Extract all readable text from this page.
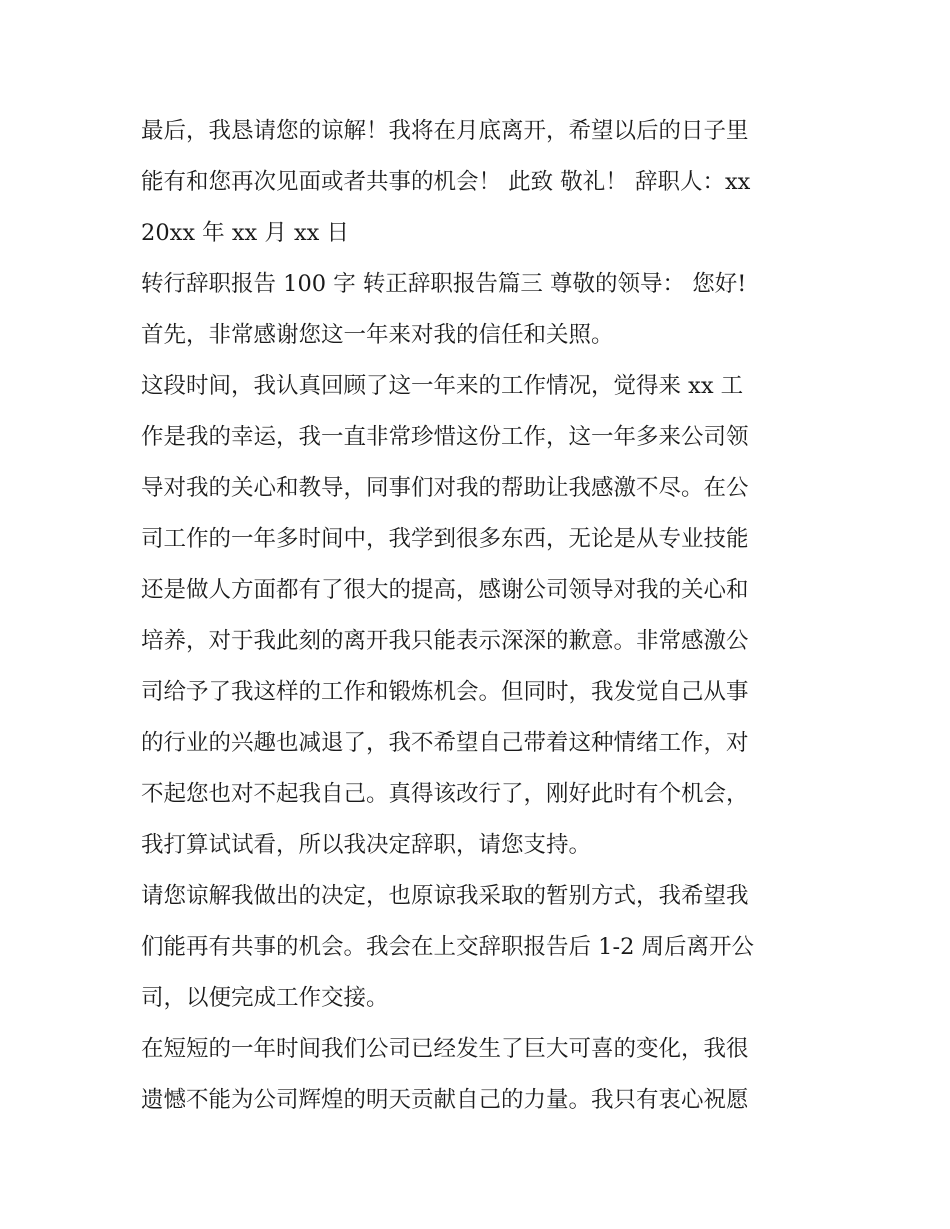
最后，我恳请您的谅解！我将在月底离开，希望以后的日子里
能有和您再次见面或者共事的机会！ 此致 敬礼！ 辞职人：xx
20xx 年 xx 月 xx 日
转行辞职报告 100 字 转正辞职报告篇三 尊敬的领导： 您好!
首先，非常感谢您这一年来对我的信任和关照。
这段时间，我认真回顾了这一年来的工作情况，觉得来 xx 工
作是我的幸运，我一直非常珍惜这份工作，这一年多来公司领
导对我的关心和教导，同事们对我的帮助让我感激不尽。在公
司工作的一年多时间中，我学到很多东西，无论是从专业技能
还是做人方面都有了很大的提高，感谢公司领导对我的关心和
培养，对于我此刻的离开我只能表示深深的歉意。非常感激公
司给予了我这样的工作和锻炼机会。但同时，我发觉自己从事
的行业的兴趣也减退了，我不希望自己带着这种情绪工作，对
不起您也对不起我自己。真得该改行了，刚好此时有个机会，
我打算试试看，所以我决定辞职，请您支持。
请您谅解我做出的决定，也原谅我采取的暂别方式，我希望我
们能再有共事的机会。我会在上交辞职报告后 1-2 周后离开公
司，以便完成工作交接。
在短短的一年时间我们公司已经发生了巨大可喜的变化，我很
遗憾不能为公司辉煌的明天贡献自己的力量。我只有衷心祝愿
